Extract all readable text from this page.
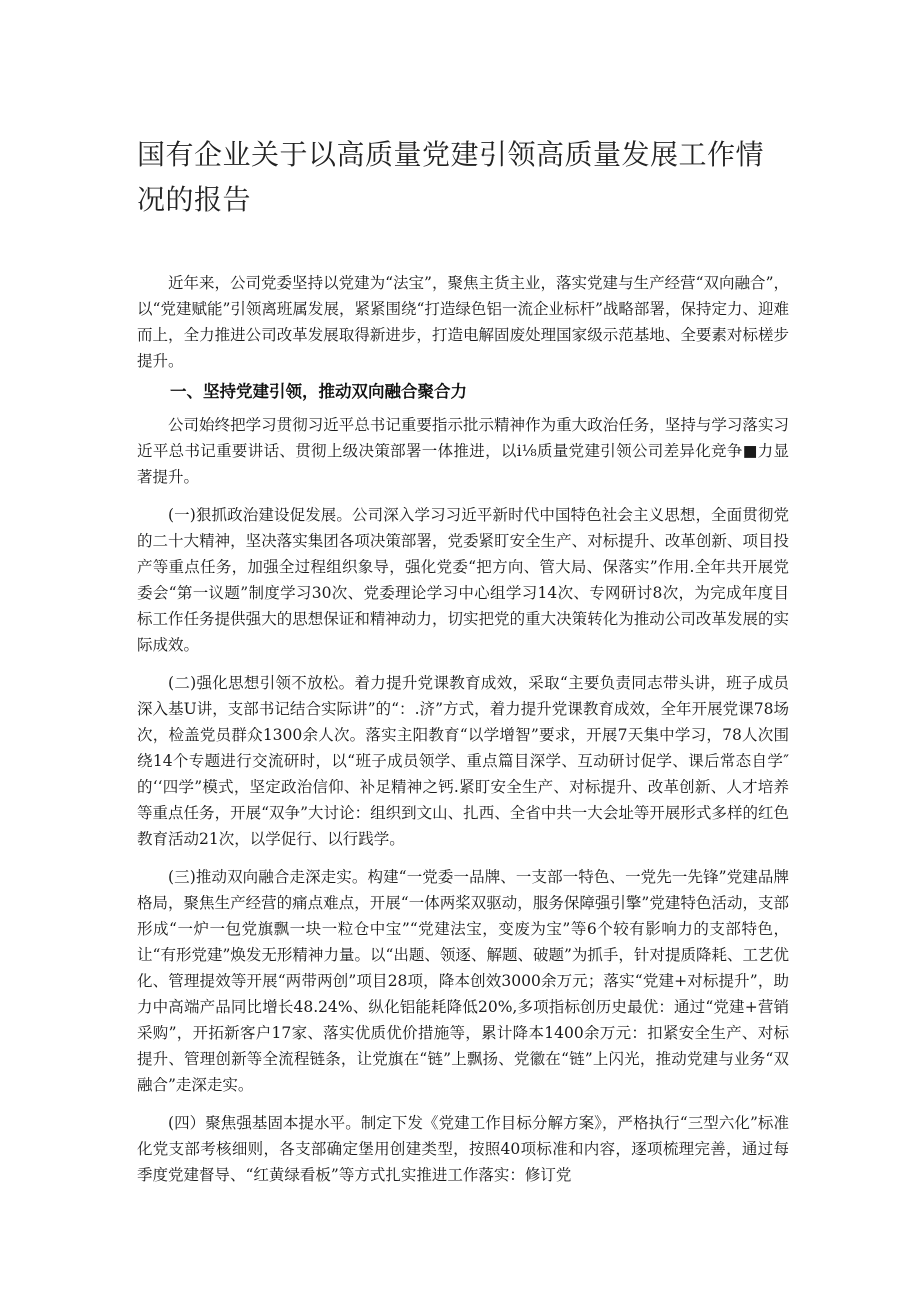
国有企业关于以高质量党建引领高质量发展工作情况的报告

近年来，公司党委坚持以党建为“法宝”，聚焦主货主业，落实党建与生产经营“双向融合”，以“党建赋能”引领离班属发展，紧紧围绕“打造绿色铝一流企业标杆”战略部署，保持定力、迎难而上，全力推进公司改革发展取得新进步，打造电解固废处理国家级示范基地、全要素对标槎步提升。

一、坚持党建引领，推动双向融合聚合力

公司始终把学习贯彻习近平总书记重要指示批示精神作为重大政治任务，坚持与学习落实习近平总书记重要讲话、贯彻上级决策部署一体推进，以i⅛质量党建引领公司差异化竞争■力显著提升。

(一)狠抓政治建设促发展。公司深入学习习近平新时代中国特色社会主义思想，全面贯彻党的二十大精神，坚决落实集团各项决策部署，党委紧盯安全生产、对标提升、改革创新、项目投产等重点任务，加强全过程组织象导，强化党委“把方向、管大局、保落实”作用.全年共开展党委会“第一议题”制度学习30次、党委理论学习中心组学习14次、专网研讨8次，为完成年度目标工作任务提供强大的思想保证和精神动力，切实把党的重大决策转化为推动公司改革发展的实际成效。

(二)强化思想引领不放松。着力提升党课教育成效，采取“主要负责同志带头讲，班子成员深入基U讲，支部书记结合实际讲”的“：.济”方式，着力提升党课教育成效，全年开展党课78场次，检盖党员群众1300余人次。落实主阳教育“以学增智”要求，开展7天集中学习，78人次围绕14个专题进行交流研时，以“班子成员领学、重点篇目深学、互动研讨促学、课后常态自学″的‘‘四学”模式，坚定政治信仰、补足精神之钙.紧盯安全生产、对标提升、改革创新、人才培养等重点任务，开展“双争”大讨论：组织到文山、扎西、全省中共一大会址等开展形式多样的红色教育活动21次，以学促行、以行践学。

(三)推动双向融合走深走实。构建“一党委一品牌、一支部一特色、一党先一先锋”党建品牌格局，聚焦生产经营的痛点难点，开展“一体两桨双驱动，服务保障强引擎”党建特色活动，支部形成“一炉一包党旗飘一块一粒仓中宝”“党建法宝，变废为宝”等6个较有影响力的支部特色，让“有形党建”焕发无形精神力量。以“出题、领逐、解题、破题”为抓手，针对提质降耗、工艺优化、管理提效等开展“两带两创”项目28项，降本创效3000余万元；落实“党建+对标提升”，助力中高端产品同比增长48.24%、纵化铝能耗降低20%,多项指标创历史最优：通过“党建+营销采购”，开拓新客户17家、落实优质优价措施等，累计降本1400余万元：扣紧安全生产、对标提升、管理创新等全流程链条，让党旗在“链”上飘扬、党徽在“链”上闪光，推动党建与业务“双融合”走深走实。

(四）聚焦强基固本提水平。制定下发《党建工作目标分解方案》，严格执行“三型六化”标准化党支部考核细则，各支部确定堡用创建类型，按照40项标准和内容，逐项梳理完善，通过每季度党建督导、“红黄绿看板”等方式扎实推进工作落实：修订党
